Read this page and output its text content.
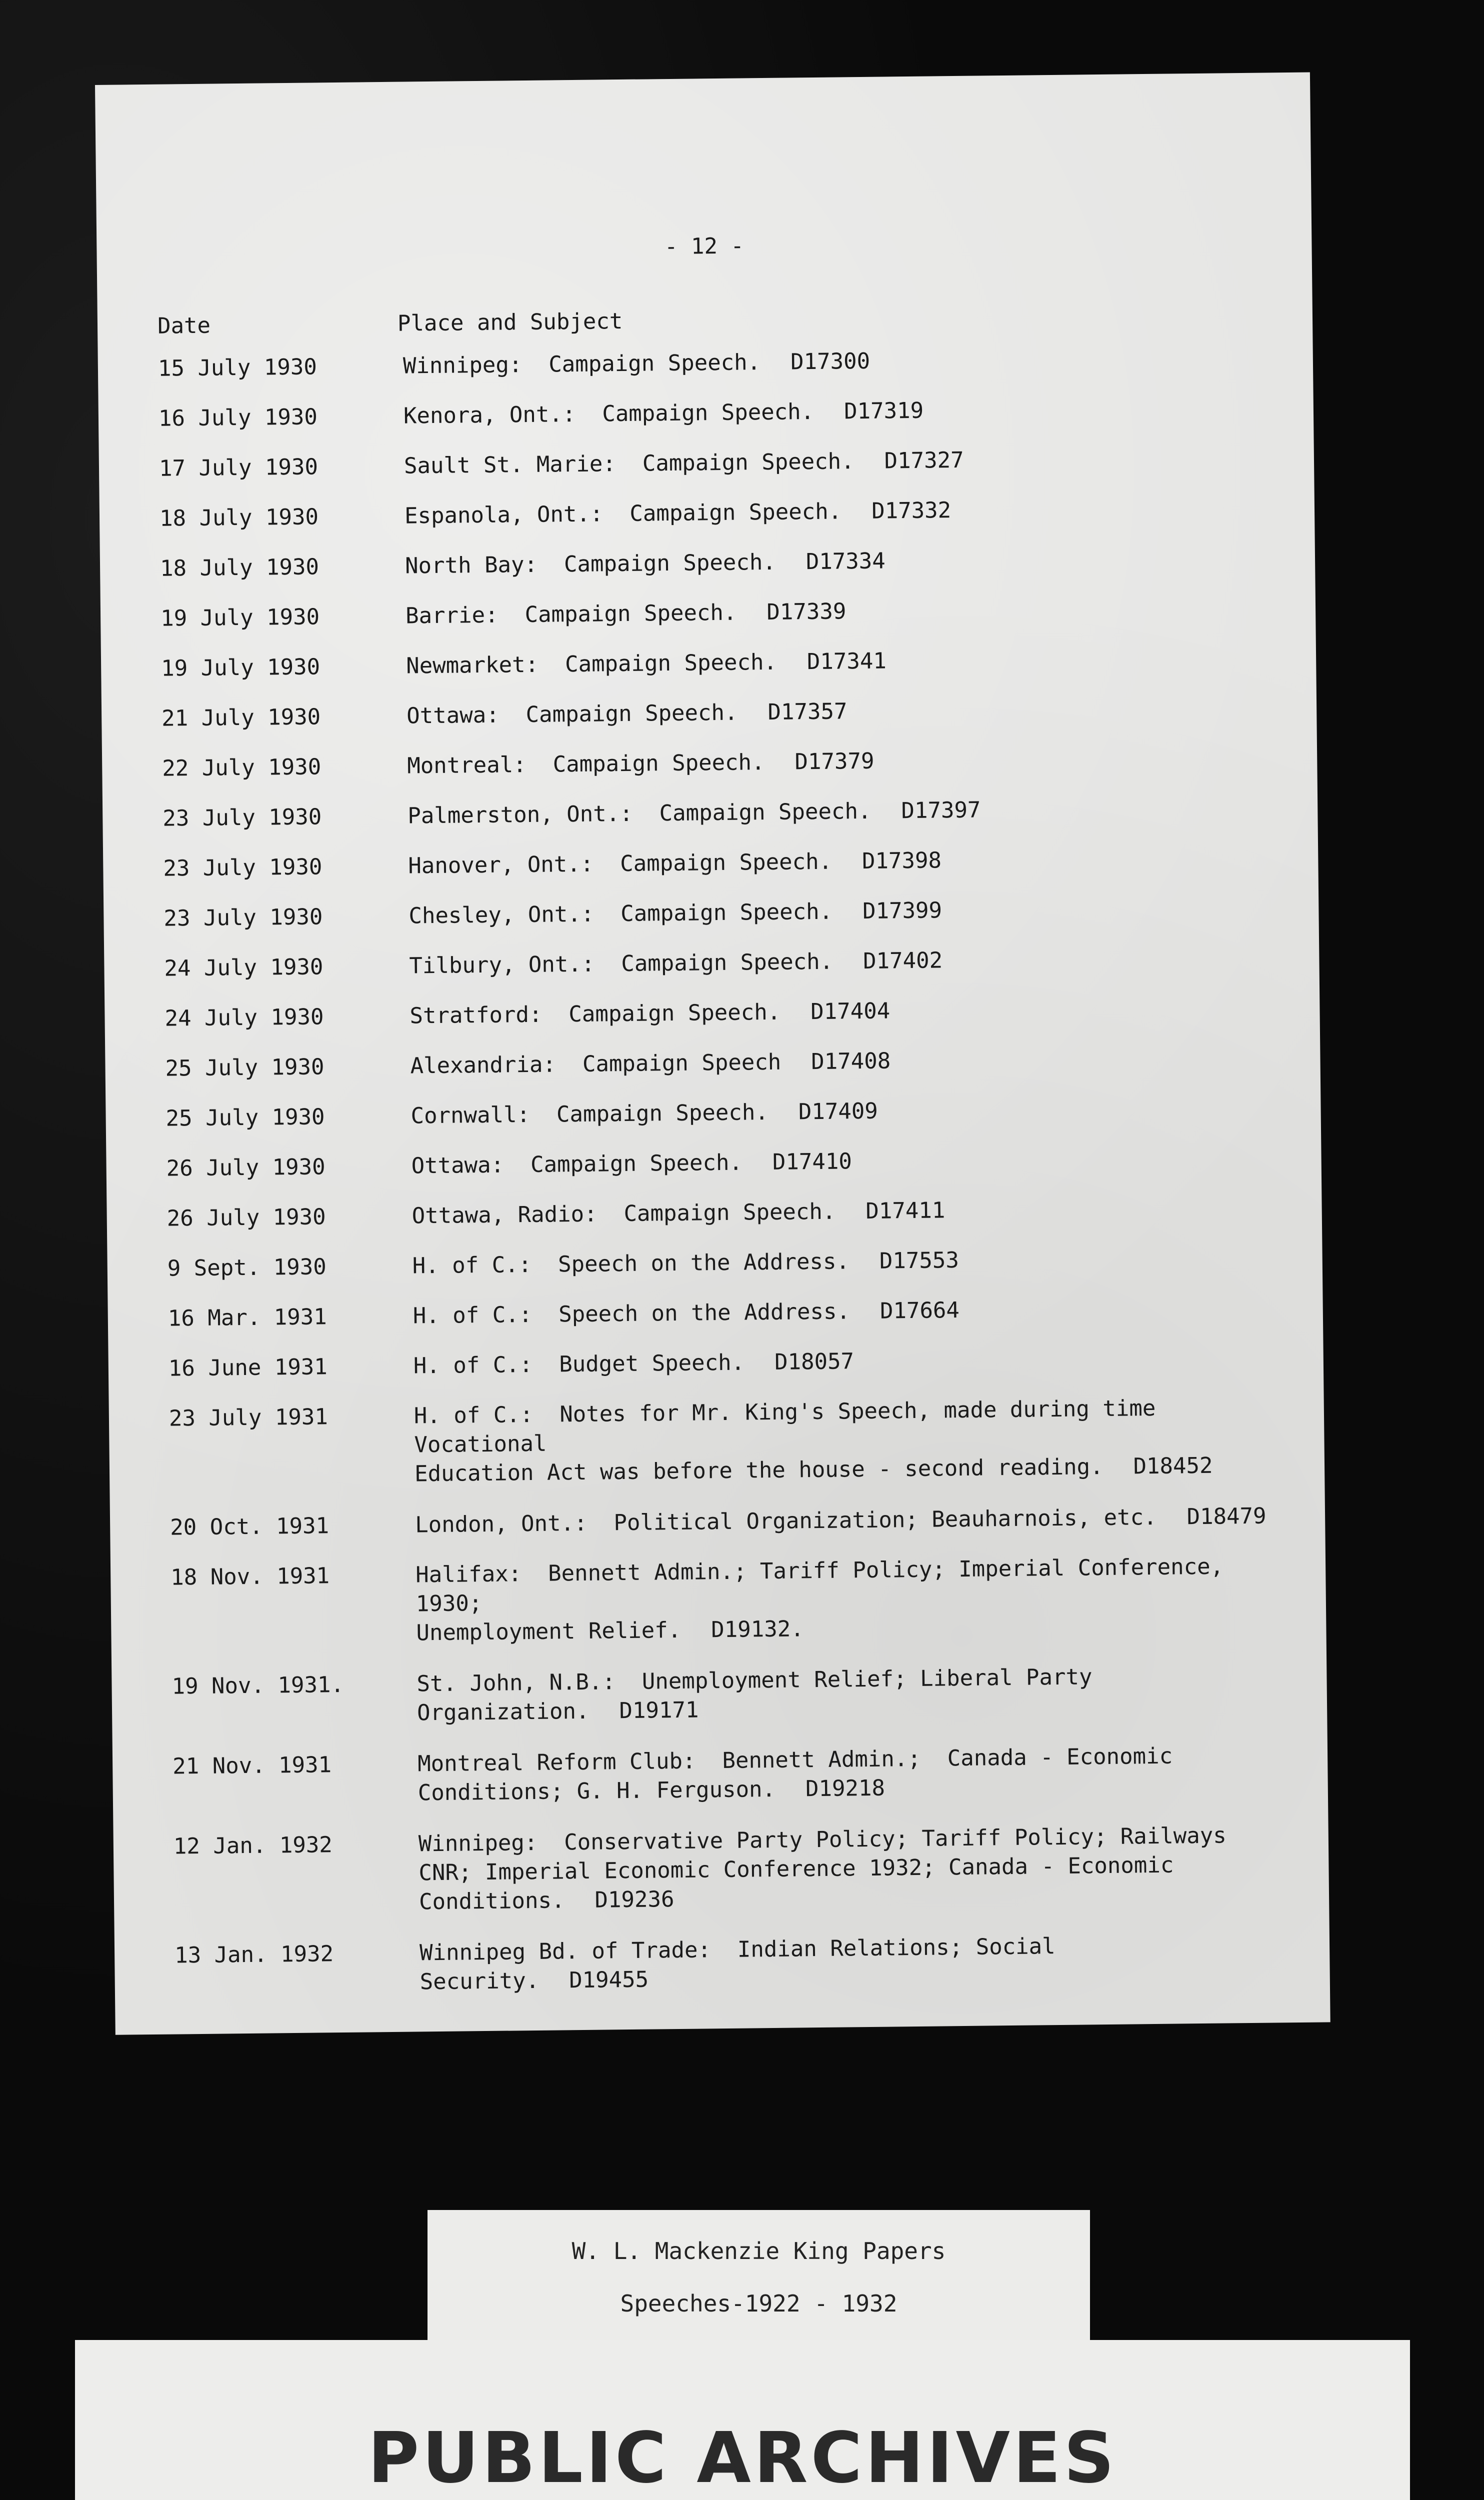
- 12 -
Date	Place and Subject
15 July 1930	Winnipeg:  Campaign Speech. D17300
16 July 1930	Kenora, Ont.:  Campaign Speech. D17319
17 July 1930	Sault St. Marie:  Campaign Speech. D17327
18 July 1930	Espanola, Ont.:  Campaign Speech. D17332
18 July 1930	North Bay:  Campaign Speech. D17334
19 July 1930	Barrie:  Campaign Speech. D17339
19 July 1930	Newmarket:  Campaign Speech. D17341
21 July 1930	Ottawa:  Campaign Speech. D17357
22 July 1930	Montreal:  Campaign Speech. D17379
23 July 1930	Palmerston, Ont.:  Campaign Speech. D17397
23 July 1930	Hanover, Ont.:  Campaign Speech. D17398
23 July 1930	Chesley, Ont.:  Campaign Speech. D17399
24 July 1930	Tilbury, Ont.:  Campaign Speech. D17402
24 July 1930	Stratford:  Campaign Speech. D17404
25 July 1930	Alexandria:  Campaign Speech D17408
25 July 1930	Cornwall:  Campaign Speech. D17409
26 July 1930	Ottawa:  Campaign Speech. D17410
26 July 1930	Ottawa, Radio:  Campaign Speech. D17411
9 Sept. 1930	H. of C.:  Speech on the Address. D17553
16 Mar. 1931	H. of C.:  Speech on the Address. D17664
16 June 1931	H. of C.:  Budget Speech. D18057
23 July 1931	H. of C.:  Notes for Mr. King's Speech, made during time Vocational
Education Act was before the house - second reading. D18452
20 Oct. 1931	London, Ont.:  Political Organization; Beauharnois, etc. D18479
18 Nov. 1931	Halifax:  Bennett Admin.; Tariff Policy; Imperial Conference, 1930;
Unemployment Relief. D19132.
19 Nov. 1931.	St. John, N.B.:  Unemployment Relief; Liberal Party
Organization. D19171
21 Nov. 1931	Montreal Reform Club:  Bennett Admin.;  Canada - Economic
Conditions; G. H. Ferguson. D19218
12 Jan. 1932	Winnipeg:  Conservative Party Policy; Tariff Policy; Railways
CNR; Imperial Economic Conference 1932; Canada - Economic
Conditions. D19236
13 Jan. 1932	Winnipeg Bd. of Trade:  Indian Relations; Social Security. D19455
W. L. Mackenzie King Papers
Speeches-1922 - 1932
PUBLIC ARCHIVES
